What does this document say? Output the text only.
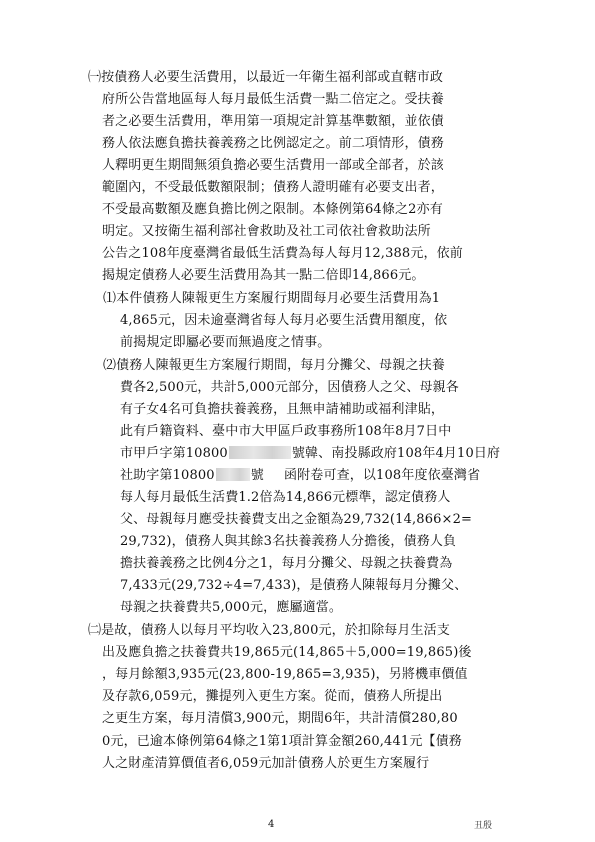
㈠按債務人必要生活費用，以最近一年衛生福利部或直轄市政
府所公告當地區每人每月最低生活費一點二倍定之。受扶養
者之必要生活費用，準用第一項規定計算基準數額，並依債
務人依法應負擔扶養義務之比例認定之。前二項情形，債務
人釋明更生期間無須負擔必要生活費用一部或全部者，於該
範圍內，不受最低數額限制；債務人證明確有必要支出者，
不受最高數額及應負擔比例之限制。本條例第64條之2亦有
明定。又按衛生福利部社會救助及社工司依社會救助法所
公告之108年度臺灣省最低生活費為每人每月12,388元，依前
揭規定債務人必要生活費用為其一點二倍即14,866元。
⑴本件債務人陳報更生方案履行期間每月必要生活費用為1
4,865元，因未逾臺灣省每人每月必要生活費用額度，依
前揭規定即屬必要而無過度之情事。
⑵債務人陳報更生方案履行期間，每月分攤父、母親之扶養
費各2,500元，共計5,000元部分，因債務人之父、母親各
有子女4名可負擔扶養義務，且無申請補助或福利津貼，
此有戶籍資料、臺中市大甲區戶政事務所108年8月7日中
市甲戶字第10800	號韓、南投縣政府108年4月10日府
社助字第10800	號 函附卷可查，以108年度依臺灣省
每人每月最低生活費1.2倍為14,866元標準，認定債務人
父、母親每月應受扶養費支出之金額為29,732(14,866×2=
29,732)，債務人與其餘3名扶養義務人分擔後，債務人負
擔扶養義務之比例4分之1，每月分攤父、母親之扶養費為
7,433元(29,732÷4=7,433)，是債務人陳報每月分攤父、
母親之扶養費共5,000元，應屬適當。
㈡是故，債務人以每月平均收入23,800元，於扣除每月生活支
出及應負擔之扶養費共19,865元(14,865＋5,000=19,865)後
，每月餘額3,935元(23,800-19,865=3,935)，另將機車價值
及存款6,059元，攤提列入更生方案。從而，債務人所提出
之更生方案，每月清償3,900元，期間6年，共計清償280,80
0元，已逾本條例第64條之1第1項計算金額260,441元【債務
人之財產清算價值者6,059元加計債務人於更生方案履行
4	丑殷
